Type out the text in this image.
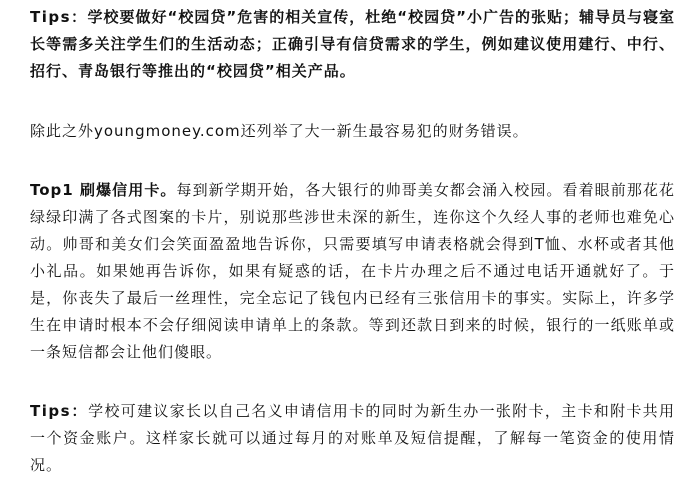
Tips：学校要做好“校园贷”危害的相关宣传，杜绝“校园贷”小广告的张贴；辅导员与寝室长等需多关注学生们的生活动态；正确引导有信贷需求的学生，例如建议使用建行、中行、招行、青岛银行等推出的“校园贷”相关产品。

除此之外youngmoney.com还列举了大一新生最容易犯的财务错误。

Top1 刷爆信用卡。每到新学期开始，各大银行的帅哥美女都会涌入校园。看着眼前那花花绿绿印满了各式图案的卡片，别说那些涉世未深的新生，连你这个久经人事的老师也难免心动。帅哥和美女们会笑面盈盈地告诉你，只需要填写申请表格就会得到T恤、水杯或者其他小礼品。如果她再告诉你，如果有疑惑的话，在卡片办理之后不通过电话开通就好了。于是，你丧失了最后一丝理性，完全忘记了钱包内已经有三张信用卡的事实。实际上，许多学生在申请时根本不会仔细阅读申请单上的条款。等到还款日到来的时候，银行的一纸账单或一条短信都会让他们傻眼。

Tips：学校可建议家长以自己名义申请信用卡的同时为新生办一张附卡，主卡和附卡共用一个资金账户。这样家长就可以通过每月的对账单及短信提醒，了解每一笔资金的使用情况。
